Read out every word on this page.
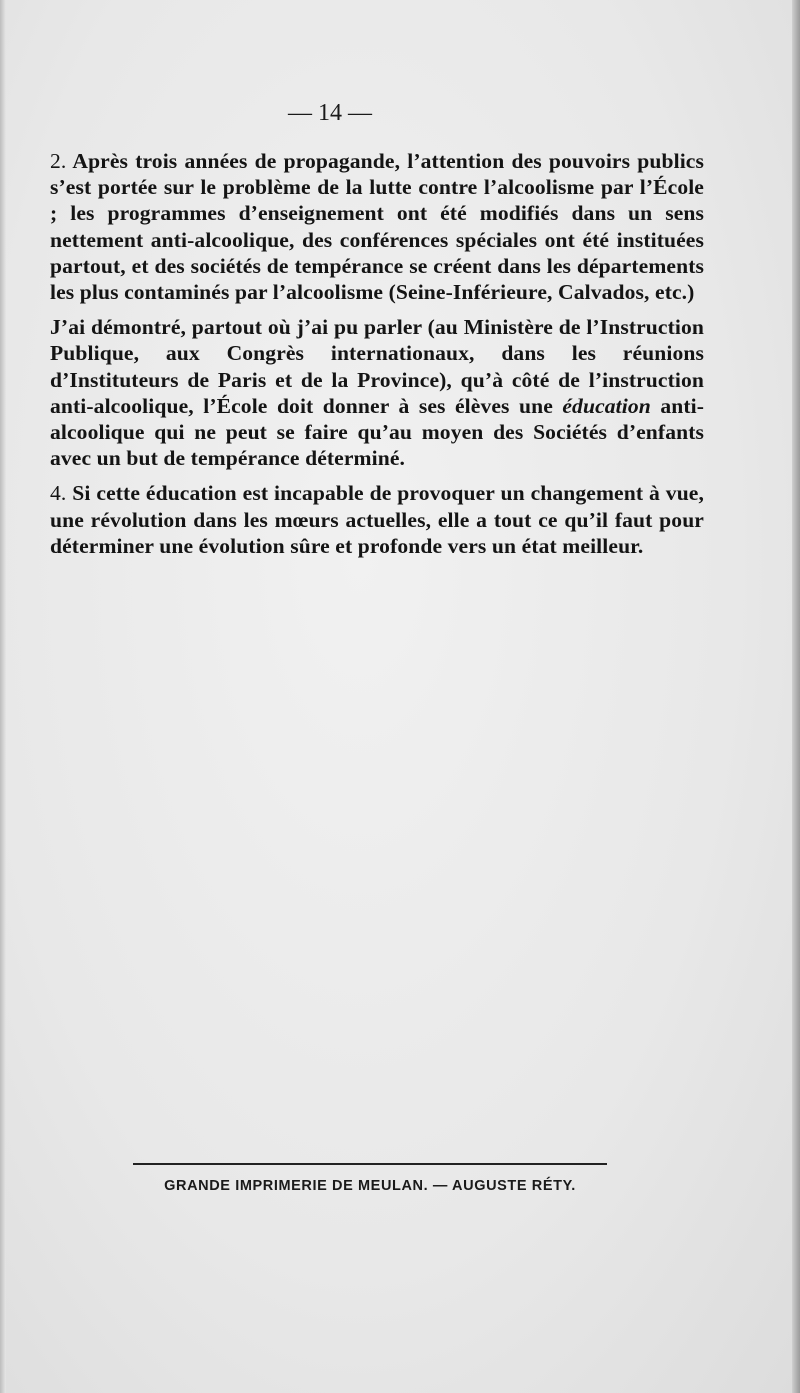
— 14 —

2. Après trois années de propagande, l’attention des pouvoirs publics s’est portée sur le problème de la lutte contre l’alcoolisme par l’École ; les programmes d’enseignement ont été modifiés dans un sens nettement anti-alcoolique, des conférences spéciales ont été instituées partout, et des sociétés de tempérance se créent dans les départements les plus contaminés par l’alcoolisme (Seine-Inférieure, Calvados, etc.)

J’ai démontré, partout où j’ai pu parler (au Ministère de l’Instruction Publique, aux Congrès internationaux, dans les réunions d’Instituteurs de Paris et de la Province), qu’à côté de l’instruction anti-alcoolique, l’École doit donner à ses élèves une éducation anti-alcoolique qui ne peut se faire qu’au moyen des Sociétés d’enfants avec un but de tempérance déterminé.

4. Si cette éducation est incapable de provoquer un changement à vue, une révolution dans les mœurs actuelles, elle a tout ce qu’il faut pour déterminer une évolution sûre et profonde vers un état meilleur.

GRANDE IMPRIMERIE DE MEULAN. — AUGUSTE RÉTY.
